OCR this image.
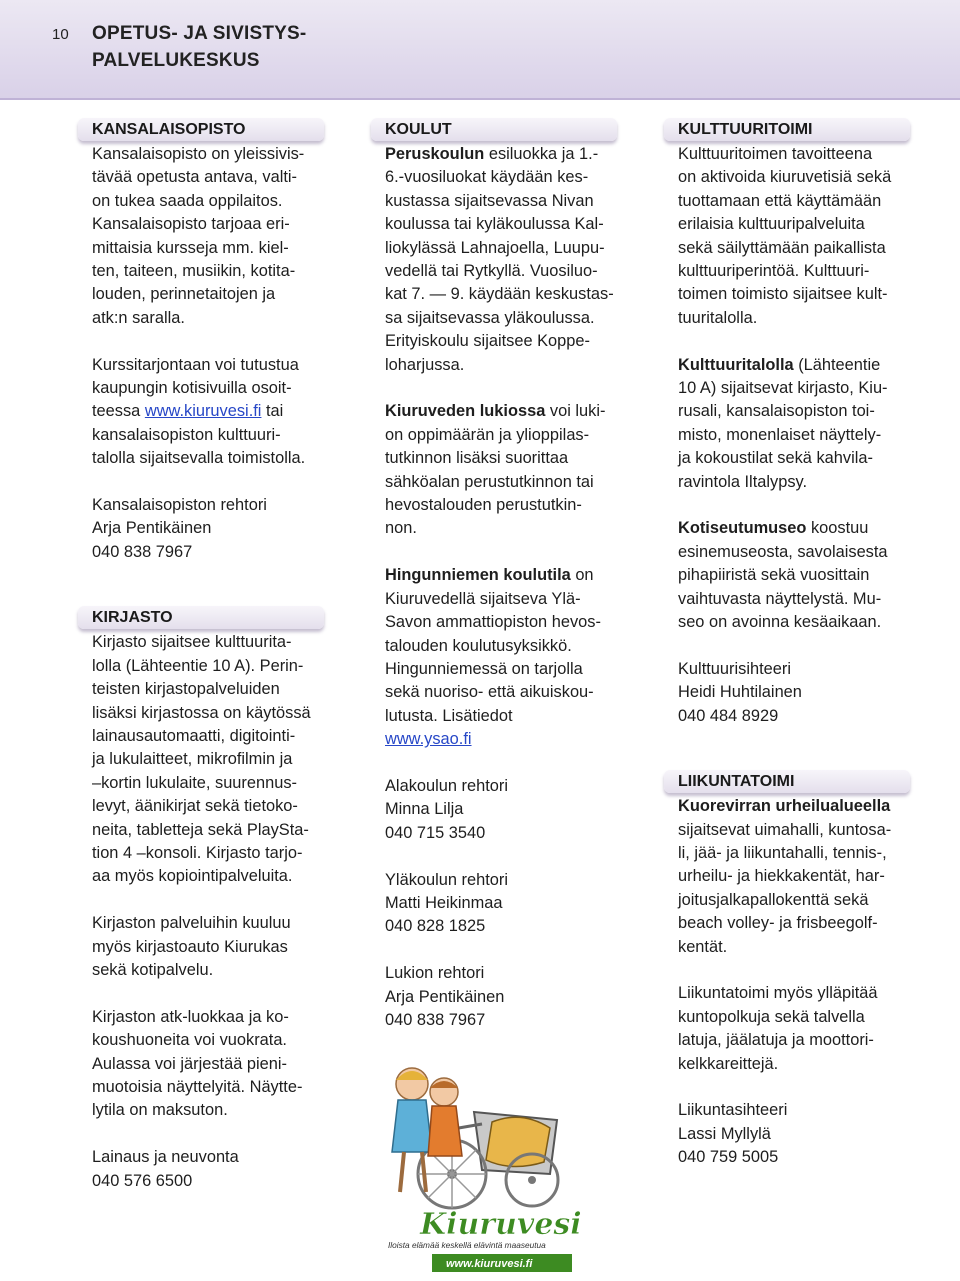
10 OPETUS- JA SIVISTYS-
PALVELUKESKUS
KANSALAISOPISTO

Kansalaisopisto on yleissivis-
tävää opetusta antava, valti-
on tukea saada oppilaitos.
Kansalaisopisto tarjoaa eri-
mittaisia kursseja mm. kiel-
ten, taiteen, musiikin, kotita-
louden, perinnetaitojen ja
atk:n saralla.

Kurssitarjontaan voi tutustua
kaupungin kotisivuilla osoit-
teessa www.kiuruvesi.fi tai
kansalaisopiston kulttuuri-
talolla sijaitsevalla toimistolla.

Kansalaisopiston rehtori
Arja Pentikäinen
040 838 7967

KIRJASTO

Kirjasto sijaitsee kulttuurita-
lolla (Lähteentie 10 A). Perin-
teisten kirjastopalveluiden
lisäksi kirjastossa on käytössä
lainausautomaatti, digitointi-
ja lukulaitteet, mikrofilmin ja
–kortin lukulaite, suurennus-
levyt, äänikirjat sekä tietoko-
neita, tabletteja sekä PlaySta-
tion 4 –konsoli. Kirjasto tarjo-
aa myös kopiointipalveluita.

Kirjaston palveluihin kuuluu
myös kirjastoauto Kiurukas
sekä kotipalvelu.

Kirjaston atk-luokkaa ja ko-
koushuoneita voi vuokrata.
Aulassa voi järjestää pieni-
muotoisia näyttelyitä. Näytte-
lytila on maksuton.

Lainaus ja neuvonta
040 576 6500

KOULUT

Peruskoulun esiluokka ja 1.-
6.-vuosiluokat käydään kes-
kustassa sijaitsevassa Nivan
koulussa tai kyläkoulussa Kal-
liokylässä Lahnajoella, Luupu-
vedellä tai Rytkyllä. Vuosiluo-
kat 7. — 9. käydään keskustas-
sa sijaitsevassa yläkoulussa.
Erityiskoulu sijaitsee Koppe-
loharjussa.

Kiuruveden lukiossa voi luki-
on oppimäärän ja ylioppilas-
tutkinnon lisäksi suorittaa
sähköalan perustutkinnon tai
hevostalouden perustutkin-
non.

Hingunniemen koulutila on
Kiuruvedellä sijaitseva Ylä-
Savon ammattiopiston hevos-
talouden koulutusyksikkö.
Hingunniemessä on tarjolla
sekä nuoriso- että aikuiskou-
lutusta. Lisätiedot
www.ysao.fi

Alakoulun rehtori
Minna Lilja
040 715 3540

Yläkoulun rehtori
Matti Heikinmaa
040 828 1825

Lukion rehtori
Arja Pentikäinen
040 838 7967

Kiuruvesi
Iloista elämää keskellä elävintä maaseutua
www.kiuruvesi.fi
KULTTUURITOIMI

Kulttuuritoimen tavoitteena
on aktivoida kiuruvetisiä sekä
tuottamaan että käyttämään
erilaisia kulttuuripalveluita
sekä säilyttämään paikallista
kulttuuriperintöä. Kulttuuri-
toimen toimisto sijaitsee kult-
tuuritalolla.

Kulttuuritalolla (Lähteentie
10 A) sijaitsevat kirjasto, Kiu-
rusali, kansalaisopiston toi-
misto, monenlaiset näyttely-
ja kokoustilat sekä kahvila-
ravintola Iltalypsy.

Kotiseutumuseo koostuu
esinemuseosta, savolaisesta
pihapiiristä sekä vuosittain
vaihtuvasta näyttelystä. Mu-
seo on avoinna kesäaikaan.

Kulttuurisihteeri
Heidi Huhtilainen
040 484 8929

LIIKUNTATOIMI

Kuorevirran urheilualueella
sijaitsevat uimahalli, kuntosa-
li, jää- ja liikuntahalli, tennis-,
urheilu- ja hiekkakentät, har-
joitusjalkapallokenttä sekä
beach volley- ja frisbeegolf-
kentät.

Liikuntatoimi myös ylläpitää
kuntopolkuja sekä talvella
latuja, jäälatuja ja moottori-
kelkkareittejä.

Liikuntasihteeri
Lassi Myllylä
040 759 5005
